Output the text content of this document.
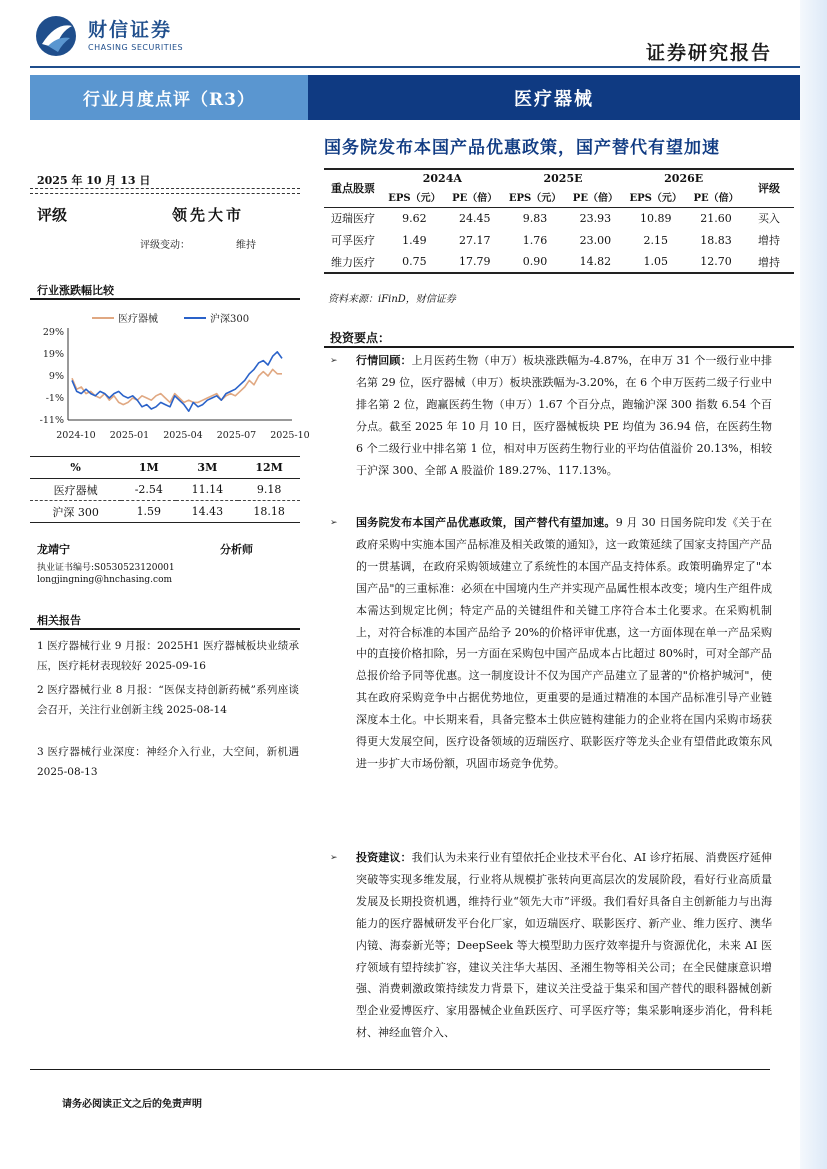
财信证券
CHASING SECURITIES	证券研究报告
行业月度点评（R3）	医疗器械
国务院发布本国产品优惠政策，国产替代有望加速
2025 年 10 月 13 日
评级	领先大市
评级变动：	维持
行业涨跌幅比较
医疗器械	沪深300
29%
19%
9%
-1%
-11%
2024-10 2025-01 2025-04 2025-07 2025-10
%	1M	3M	12M
医疗器械	-2.54	11.14	9.18
沪深 300	1.59	14.43	18.18
龙靖宁	分析师
执业证书编号:S0530523120001
longjingning@hnchasing.com
相关报告
1 医疗器械行业 9 月报：2025H1 医疗器械板块业绩承压，医疗耗材表现较好 2025-09-16
2 医疗器械行业 8 月报：“医保支持创新药械”系列座谈会召开，关注行业创新主线 2025-08-14
3 医疗器械行业深度：神经介入行业，大空间，新机遇 2025-08-13
重点股票	2024A		2025E		2026E		评级
	EPS（元）	PE（倍）	EPS（元）	PE（倍）	EPS（元）	PE（倍）	
迈瑞医疗	9.62	24.45	9.83	23.93	10.89	21.60	买入
可孚医疗	1.49	27.17	1.76	23.00	2.15	18.83	增持
维力医疗	0.75	17.79	0.90	14.82	1.05	12.70	增持
资料来源：iFinD，财信证券
投资要点：
➢ 行情回顾：上月医药生物（申万）板块涨跌幅为-4.87%，在申万 31 个一级行业中排名第 29 位，医疗器械（申万）板块涨跌幅为-3.20%，在 6 个申万医药二级子行业中排名第 2 位，跑赢医药生物（申万）1.67 个百分点，跑输沪深 300 指数 6.54 个百分点。截至 2025 年 10 月 10 日，医疗器械板块 PE 均值为 36.94 倍，在医药生物 6 个二级行业中排名第 1 位，相对申万医药生物行业的平均估值溢价 20.13%，相较于沪深 300、全部 A 股溢价 189.27%、117.13%。
➢ 国务院发布本国产品优惠政策，国产替代有望加速。9 月 30 日国务院印发《关于在政府采购中实施本国产品标准及相关政策的通知》，这一政策延续了国家支持国产产品的一贯基调，在政府采购领域建立了系统性的本国产品支持体系。政策明确界定了"本国产品"的三重标准：必须在中国境内生产并实现产品属性根本改变；境内生产组件成本需达到规定比例；特定产品的关键组件和关键工序符合本土化要求。在采购机制上，对符合标准的本国产品给予 20%的价格评审优惠，这一方面体现在单一产品采购中的直接价格扣除，另一方面在采购包中国产品成本占比超过 80%时，可对全部产品总报价给予同等优惠。这一制度设计不仅为国产产品建立了显著的"价格护城河"，使其在政府采购竞争中占据优势地位，更重要的是通过精准的本国产品标准引导产业链深度本土化。中长期来看，具备完整本土供应链构建能力的企业将在国内采购市场获得更大发展空间，医疗设备领域的迈瑞医疗、联影医疗等龙头企业有望借此政策东风进一步扩大市场份额，巩固市场竞争优势。
➢ 投资建议：我们认为未来行业有望依托企业技术平台化、AI 诊疗拓展、消费医疗延伸突破等实现多维发展，行业将从规模扩张转向更高层次的发展阶段，看好行业高质量发展及长期投资机遇，维持行业“领先大市”评级。我们看好具备自主创新能力与出海能力的医疗器械研发平台化厂家，如迈瑞医疗、联影医疗、新产业、维力医疗、澳华内镜、海泰新光等；DeepSeek 等大模型助力医疗效率提升与资源优化，未来 AI 医疗领域有望持续扩容，建议关注华大基因、圣湘生物等相关公司；在全民健康意识增强、消费刺激政策持续发力背景下，建议关注受益于集采和国产替代的眼科器械创新型企业爱博医疗、家用器械企业鱼跃医疗、可孚医疗等；集采影响逐步消化，骨科耗材、神经血管介入、
请务必阅读正文之后的免责声明
